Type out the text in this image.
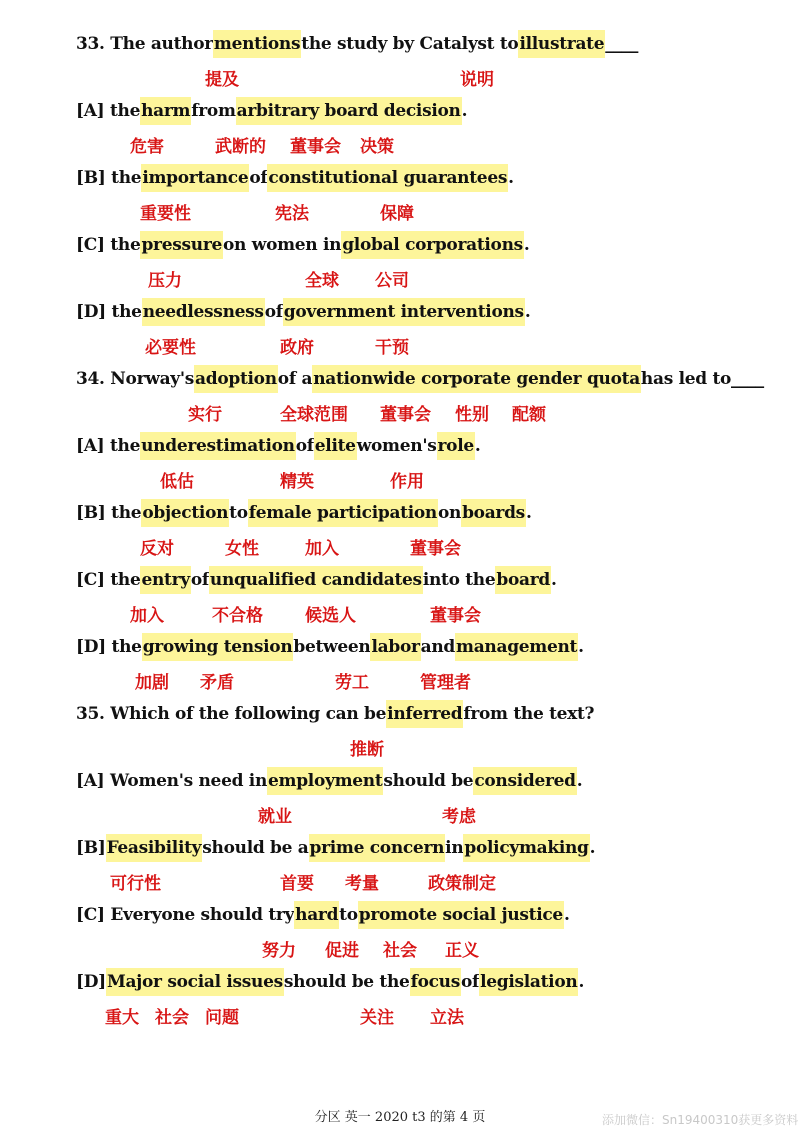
33. The authormentionsthe study by Catalyst toillustrate____
提及	说明
[A] theharmfromarbitrary board decision.
危害	武断的 董事会 决策
[B] theimportanceofconstitutional guarantees.
重要性	宪法	保障
[C] thepressureon women inglobal corporations.
压力	全球 公司
[D] theneedlessnessofgovernment interventions.
必要性	政府	干预
34. Norway'sadoptionof anationwide corporate gender quotahas led to____
实行	全球范围 董事会 性别 配额
[A] theunderestimationofelitewomen'srole.
低估	精英	作用
[B] theobjectiontofemale participationonboards.
反对	女性	加入	董事会
[C] theentryofunqualified candidatesinto theboard.
加入	不合格 候选人	董事会
[D] thegrowing tensionbetweenlaborandmanagement.
加剧 矛盾	劳工	管理者
35. Which of the following can beinferredfrom the text?
推断
[A] Women's need inemploymentshould beconsidered.
就业	考虑
[B]Feasibilityshould be aprime concerninpolicymaking.
可行性	首要 考量	政策制定
[C] Everyone should tryhardtopromote social justice.
努力 促进 社会 正义
[D]Major social issuesshould be thefocusoflegislation.
重大 社会 问题	关注 立法
分区 英一 2020 t3 的第 4 页	添加微信：Sn19400310获更多资料
